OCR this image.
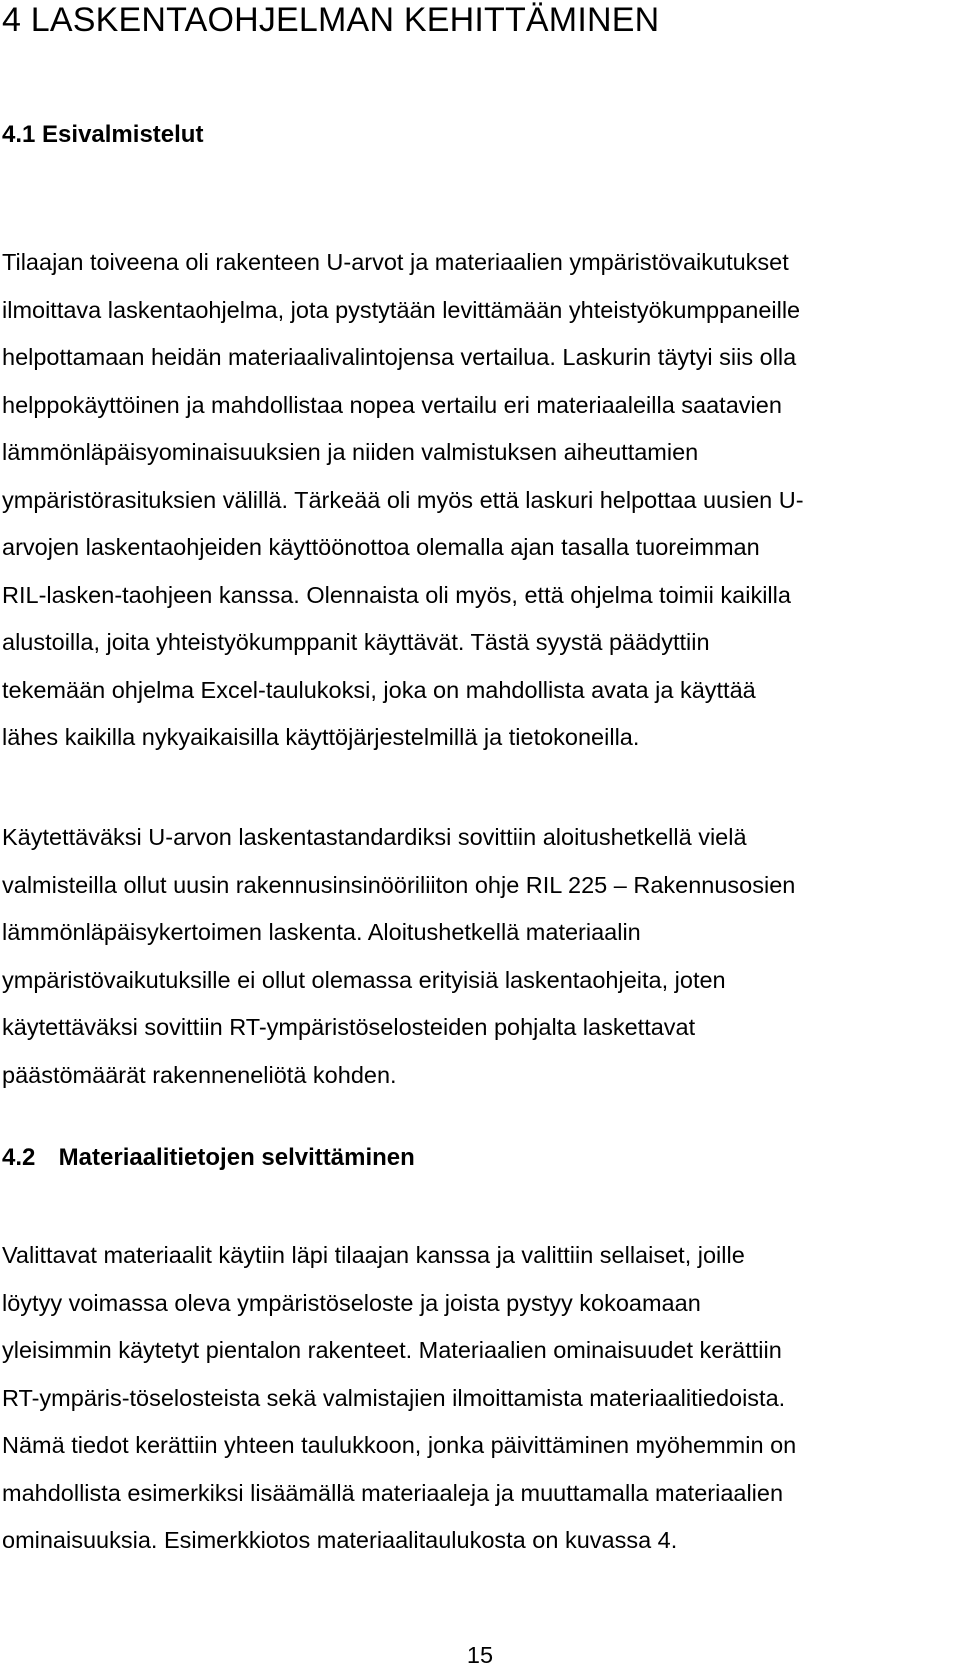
4 LASKENTAOHJELMAN KEHITTÄMINEN
4.1 Esivalmistelut
Tilaajan toiveena oli rakenteen U-arvot ja materiaalien ympäristövaikutukset
ilmoittava laskentaohjelma, jota pystytään levittämään yhteistyökumppaneille
helpottamaan heidän materiaalivalintojensa vertailua. Laskurin täytyi siis olla
helppokäyttöinen ja mahdollistaa nopea vertailu eri materiaaleilla saatavien
lämmönläpäisyominaisuuksien ja niiden valmistuksen aiheuttamien
ympäristörasituksien välillä. Tärkeää oli myös että laskuri helpottaa uusien U-
arvojen laskentaohjeiden käyttöönottoa olemalla ajan tasalla tuoreimman
RIL-lasken-taohjeen kanssa. Olennaista oli myös, että ohjelma toimii kaikilla
alustoilla, joita yhteistyökumppanit käyttävät. Tästä syystä päädyttiin
tekemään ohjelma Excel-taulukoksi, joka on mahdollista avata ja käyttää
lähes kaikilla nykyaikaisilla käyttöjärjestelmillä ja tietokoneilla.
Käytettäväksi U-arvon laskentastandardiksi sovittiin aloitushetkellä vielä
valmisteilla ollut uusin rakennusinsinööriliiton ohje RIL 225 – Rakennusosien
lämmönläpäisykertoimen laskenta. Aloitushetkellä materiaalin
ympäristövaikutuksille ei ollut olemassa erityisiä laskentaohjeita, joten
käytettäväksi sovittiin RT-ympäristöselosteiden pohjalta laskettavat
päästömäärät rakenneneliötä kohden.
4.2 Materiaalitietojen selvittäminen
Valittavat materiaalit käytiin läpi tilaajan kanssa ja valittiin sellaiset, joille
löytyy voimassa oleva ympäristöseloste ja joista pystyy kokoamaan
yleisimmin käytetyt pientalon rakenteet. Materiaalien ominaisuudet kerättiin
RT-ympäris-töselosteista sekä valmistajien ilmoittamista materiaalitiedoista.
Nämä tiedot kerättiin yhteen taulukkoon, jonka päivittäminen myöhemmin on
mahdollista esimerkiksi lisäämällä materiaaleja ja muuttamalla materiaalien
ominaisuuksia. Esimerkkiotos materiaalitaulukosta on kuvassa 4.
15
